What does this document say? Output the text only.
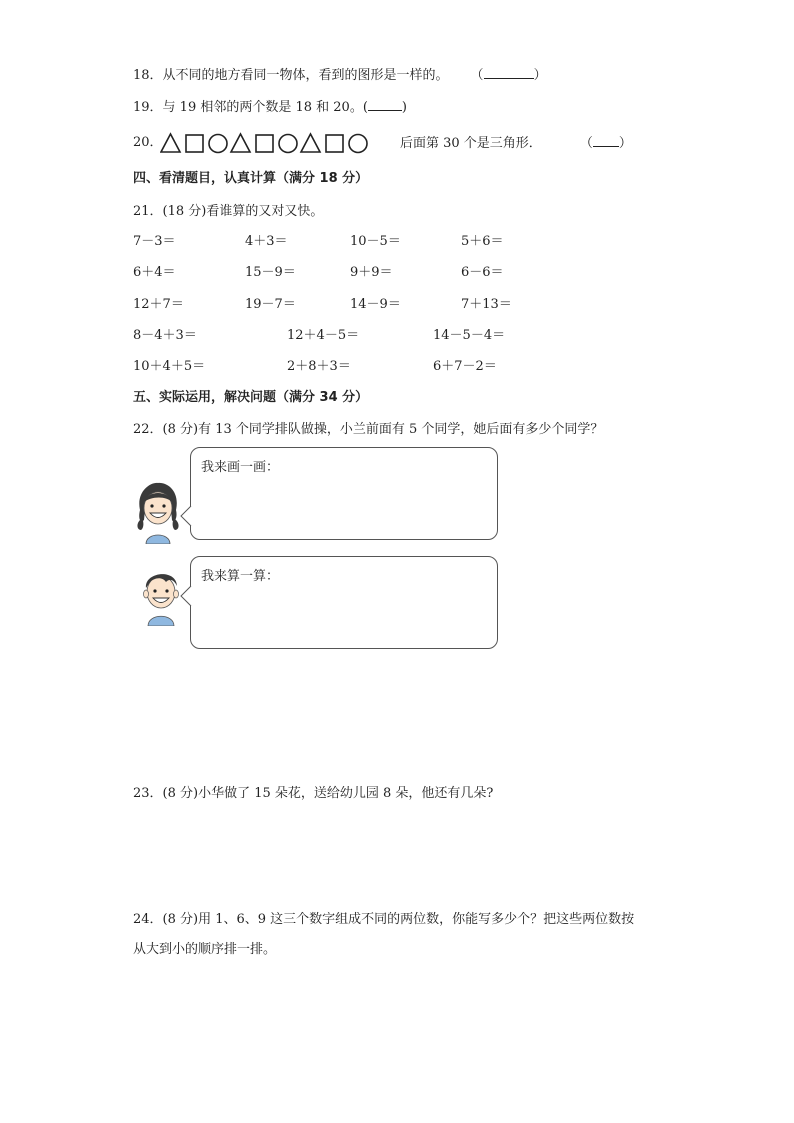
18．从不同的地方看同一物体，看到的图形是一样的。 （	）
19．与 19 相邻的两个数是 18 和 20。(	)
20．	后面第 30 个是三角形．	（ ）
四、看清题目，认真计算（满分 18 分）
21．(18 分)看谁算的又对又快。
7－3＝	4＋3＝	10－5＝	5＋6＝
6＋4＝	15－9＝	9＋9＝	6－6＝
12＋7＝	19－7＝	14－9＝	7＋13＝
8－4＋3＝	12＋4－5＝	14－5－4＝
10＋4＋5＝	2＋8＋3＝	6＋7－2＝
五、实际运用，解决问题（满分 34 分）
22．(8 分)有 13 个同学排队做操，小兰前面有 5 个同学，她后面有多少个同学？
我来画一画：
我来算一算：
23．(8 分)小华做了 15 朵花，送给幼儿园 8 朵，他还有几朵?
24．(8 分)用 1、6、9 这三个数字组成不同的两位数，你能写多少个？把这些两位数按
从大到小的顺序排一排。
